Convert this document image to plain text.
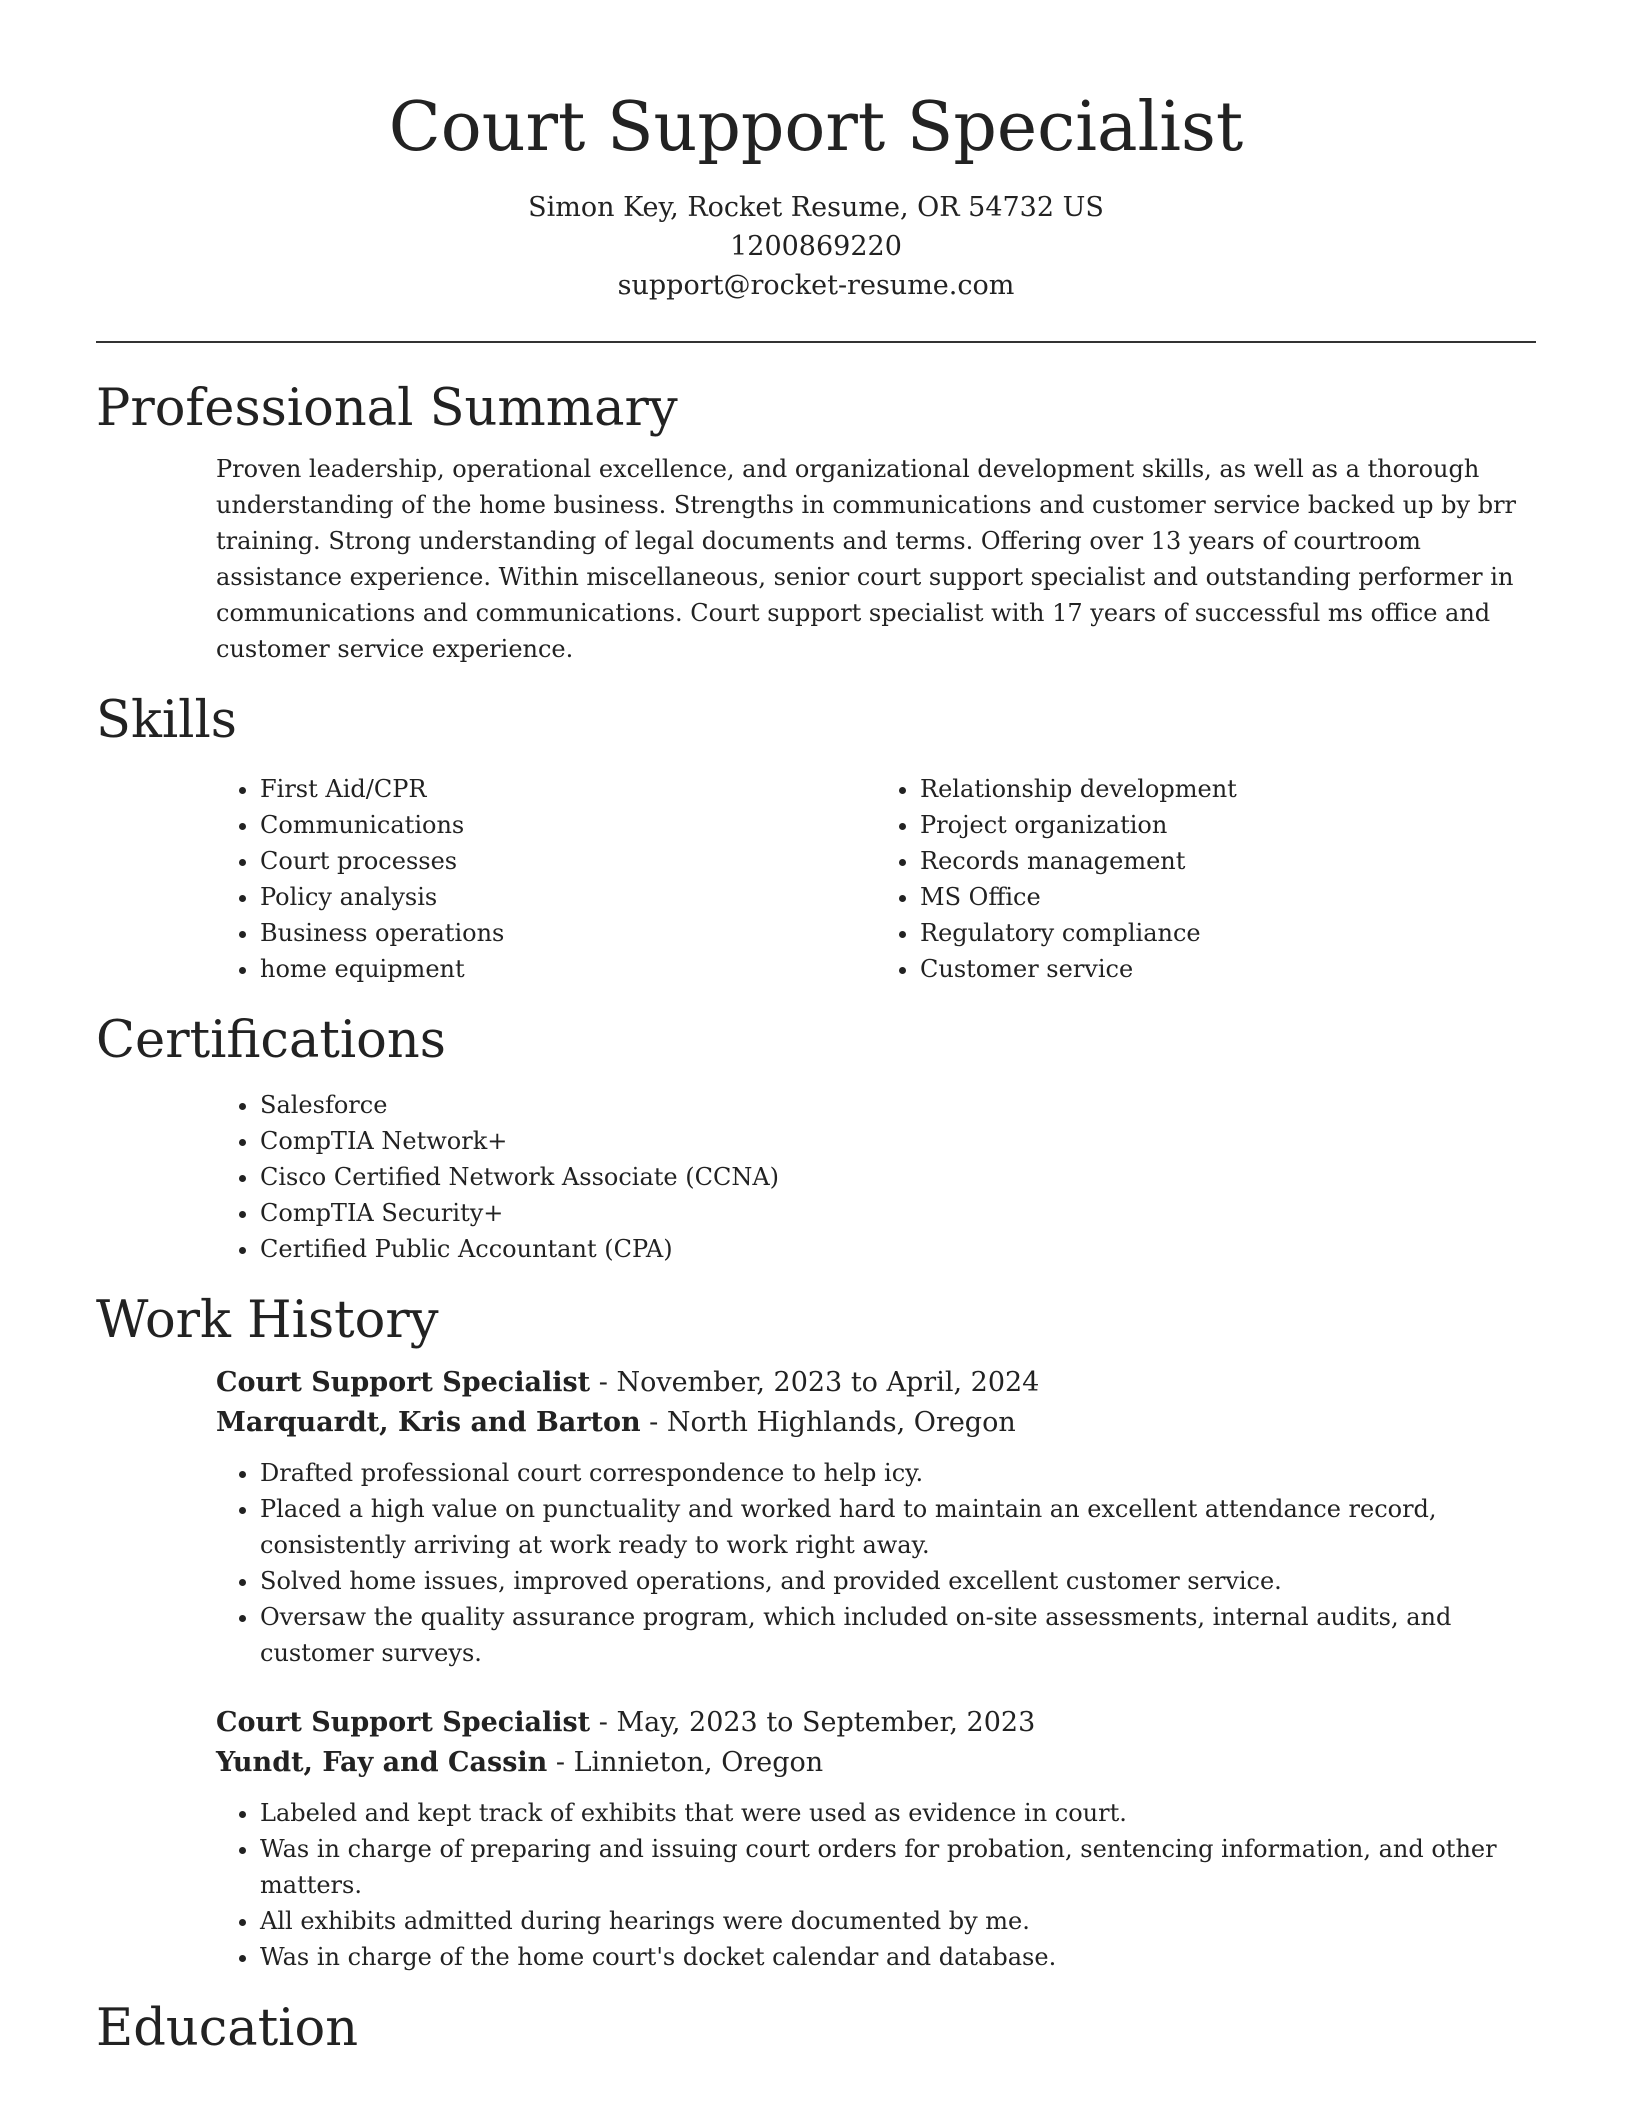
Court Support Specialist
Simon Key, Rocket Resume, OR 54732 US
1200869220
support@rocket-resume.com
Professional Summary
Proven leadership, operational excellence, and organizational development skills, as well as a thorough understanding of the home business. Strengths in communications and customer service backed up by brr training. Strong understanding of legal documents and terms. Offering over 13 years of courtroom assistance experience. Within miscellaneous, senior court support specialist and outstanding performer in communications and communications. Court support specialist with 17 years of successful ms office and customer service experience.
Skills
• First Aid/CPR
• Communications
• Court processes
• Policy analysis
• Business operations
• home equipment
• Relationship development
• Project organization
• Records management
• MS Office
• Regulatory compliance
• Customer service
Certifications
• Salesforce
• CompTIA Network+
• Cisco Certified Network Associate (CCNA)
• CompTIA Security+
• Certified Public Accountant (CPA)
Work History
Court Support Specialist - November, 2023 to April, 2024
Marquardt, Kris and Barton - North Highlands, Oregon
• Drafted professional court correspondence to help icy.
• Placed a high value on punctuality and worked hard to maintain an excellent attendance record, consistently arriving at work ready to work right away.
• Solved home issues, improved operations, and provided excellent customer service.
• Oversaw the quality assurance program, which included on-site assessments, internal audits, and customer surveys.
Court Support Specialist - May, 2023 to September, 2023
Yundt, Fay and Cassin - Linnieton, Oregon
• Labeled and kept track of exhibits that were used as evidence in court.
• Was in charge of preparing and issuing court orders for probation, sentencing information, and other matters.
• All exhibits admitted during hearings were documented by me.
• Was in charge of the home court's docket calendar and database.
Education
